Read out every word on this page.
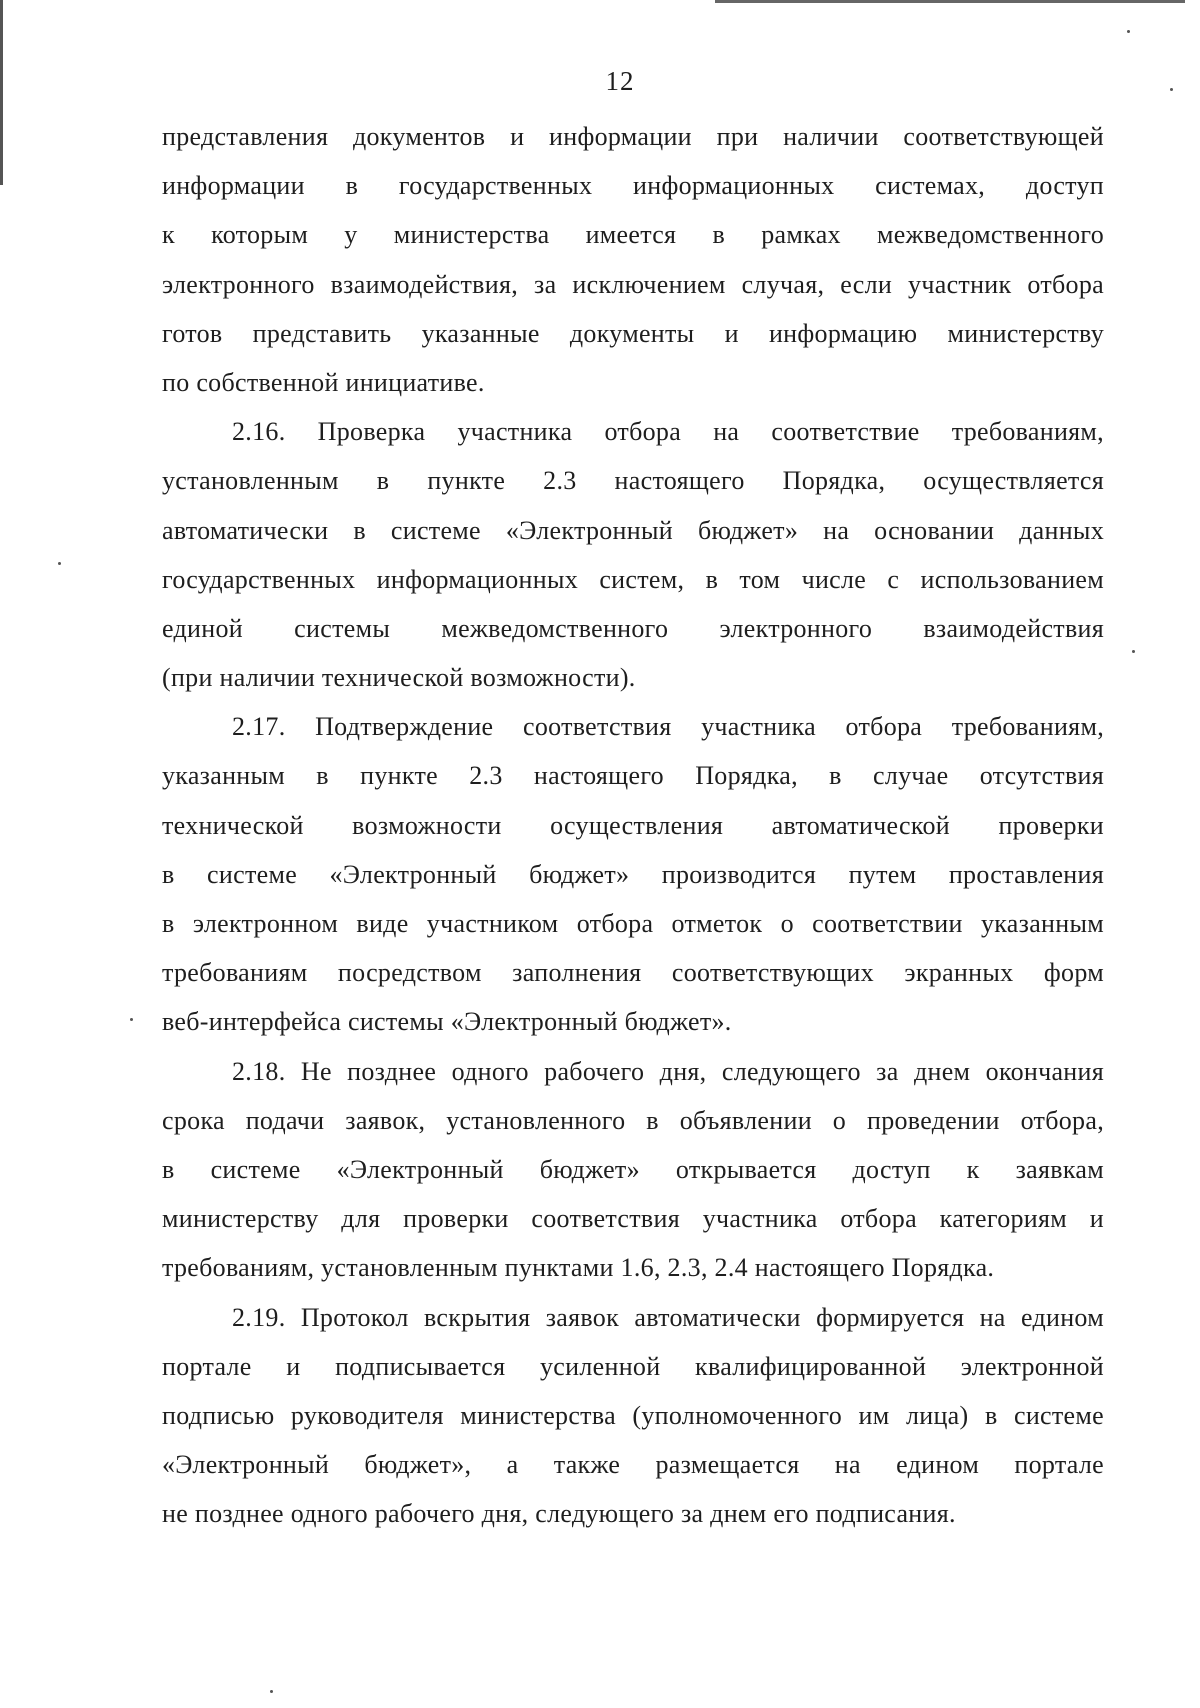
12
представления документов и информации при наличии соответствующей
информации в государственных информационных системах, доступ
к которым у министерства имеется в рамках межведомственного
электронного взаимодействия, за исключением случая, если участник отбора
готов представить указанные документы и информацию министерству
по собственной инициативе.
2.16. Проверка участника отбора на соответствие требованиям,
установленным в пункте 2.3 настоящего Порядка, осуществляется
автоматически в системе «Электронный бюджет» на основании данных
государственных информационных систем, в том числе с использованием
единой системы межведомственного электронного взаимодействия
(при наличии технической возможности).
2.17. Подтверждение соответствия участника отбора требованиям,
указанным в пункте 2.3 настоящего Порядка, в случае отсутствия
технической возможности осуществления автоматической проверки
в системе «Электронный бюджет» производится путем проставления
в электронном виде участником отбора отметок о соответствии указанным
требованиям посредством заполнения соответствующих экранных форм
веб-интерфейса системы «Электронный бюджет».
2.18. Не позднее одного рабочего дня, следующего за днем окончания
срока подачи заявок, установленного в объявлении о проведении отбора,
в системе «Электронный бюджет» открывается доступ к заявкам
министерству для проверки соответствия участника отбора категориям и
требованиям, установленным пунктами 1.6, 2.3, 2.4 настоящего Порядка.
2.19. Протокол вскрытия заявок автоматически формируется на едином
портале и подписывается усиленной квалифицированной электронной
подписью руководителя министерства (уполномоченного им лица) в системе
«Электронный бюджет», а также размещается на едином портале
не позднее одного рабочего дня, следующего за днем его подписания.
